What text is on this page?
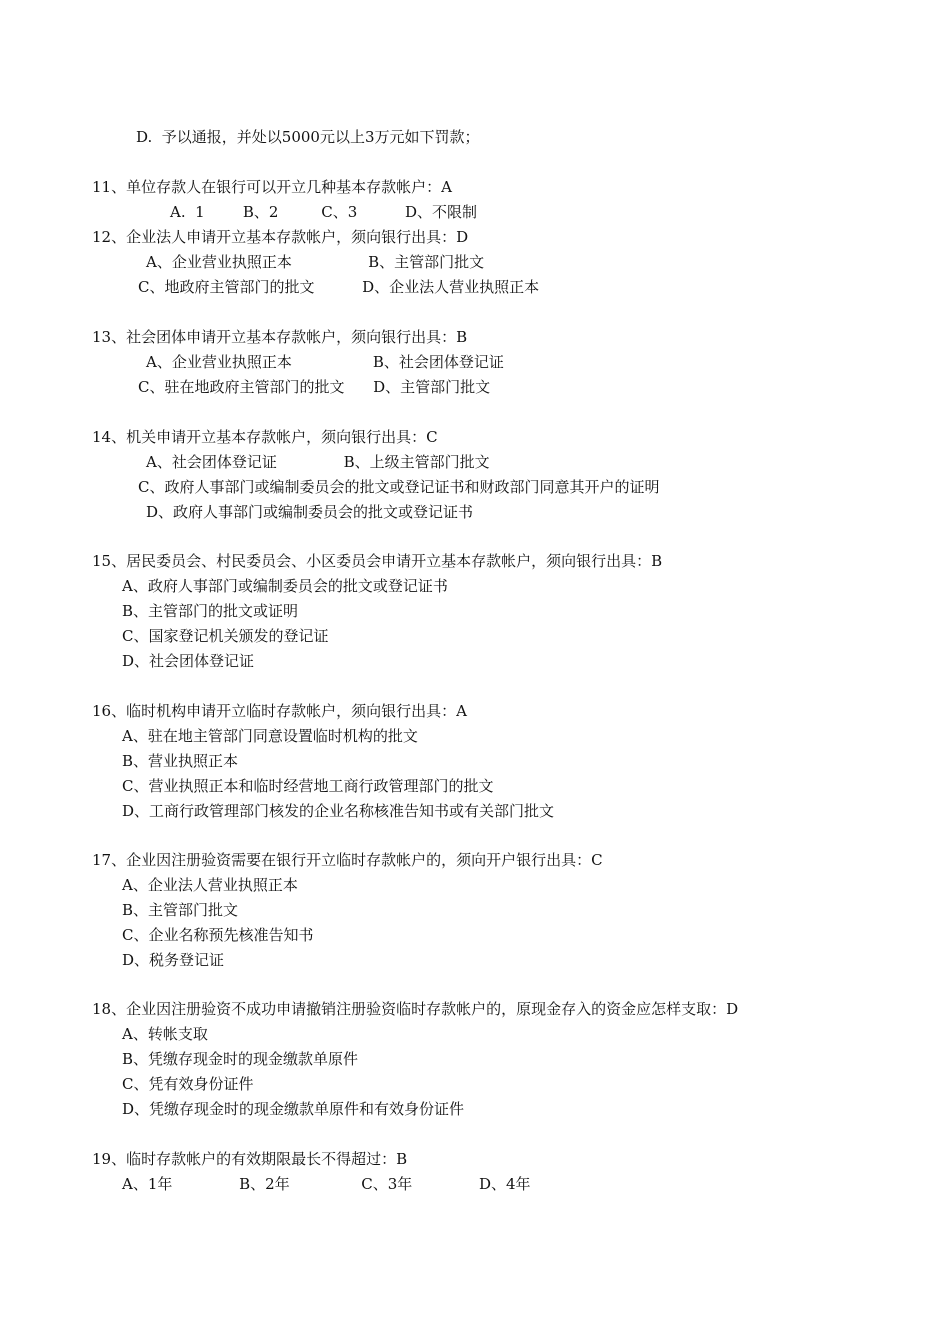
D.  予以通报，并处以5000元以上3万元如下罚款；
11、单位存款人在银行可以开立几种基本存款帐户：A
A.  1        B、2         C、3          D、不限制
12、企业法人申请开立基本存款帐户，须向银行出具：D
A、企业营业执照正本                B、主管部门批文
C、地政府主管部门的批文          D、企业法人营业执照正本
13、社会团体申请开立基本存款帐户，须向银行出具：B
A、企业营业执照正本                 B、社会团体登记证
C、驻在地政府主管部门的批文      D、主管部门批文
14、机关申请开立基本存款帐户，须向银行出具：C
A、社会团体登记证              B、上级主管部门批文
C、政府人事部门或编制委员会的批文或登记证书和财政部门同意其开户的证明
D、政府人事部门或编制委员会的批文或登记证书
15、居民委员会、村民委员会、小区委员会申请开立基本存款帐户，须向银行出具：B
A、政府人事部门或编制委员会的批文或登记证书
B、主管部门的批文或证明
C、国家登记机关颁发的登记证
D、社会团体登记证
16、临时机构申请开立临时存款帐户，须向银行出具：A
A、驻在地主管部门同意设置临时机构的批文
B、营业执照正本
C、营业执照正本和临时经营地工商行政管理部门的批文
D、工商行政管理部门核发的企业名称核准告知书或有关部门批文
17、企业因注册验资需要在银行开立临时存款帐户的，须向开户银行出具：C
A、企业法人营业执照正本
B、主管部门批文
C、企业名称预先核准告知书
D、税务登记证
18、企业因注册验资不成功申请撤销注册验资临时存款帐户的，原现金存入的资金应怎样支取：D
A、转帐支取
B、凭缴存现金时的现金缴款单原件
C、凭有效身份证件
D、凭缴存现金时的现金缴款单原件和有效身份证件
19、临时存款帐户的有效期限最长不得超过：B
A、1年              B、2年               C、3年              D、4年
